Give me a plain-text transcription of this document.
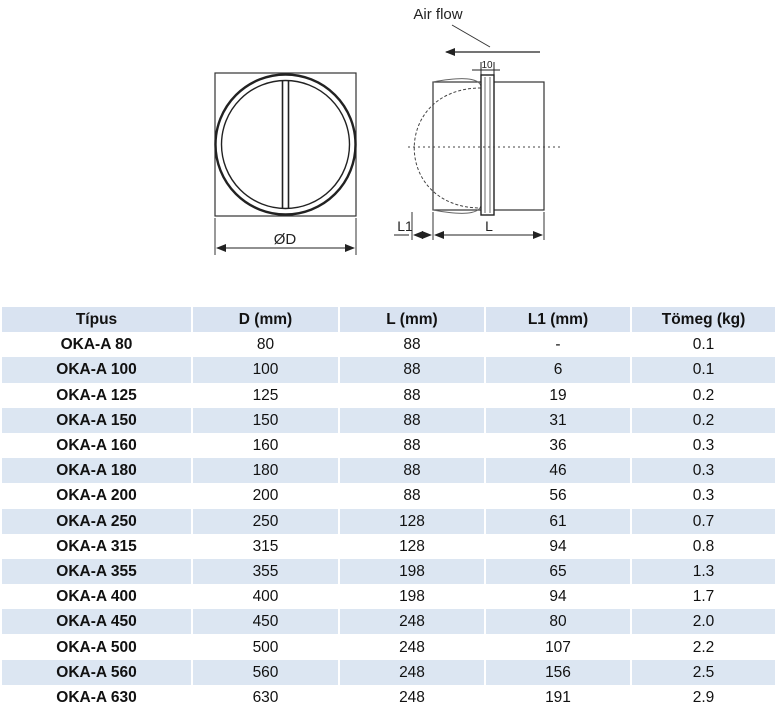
ØD
Air flow
10
L1	L
Típus	D (mm)	L (mm)	L1 (mm)	Tömeg (kg)
OKA-A 80	80	88	-	0.1
OKA-A 100	100	88	6	0.1
OKA-A 125	125	88	19	0.2
OKA-A 150	150	88	31	0.2
OKA-A 160	160	88	36	0.3
OKA-A 180	180	88	46	0.3
OKA-A 200	200	88	56	0.3
OKA-A 250	250	128	61	0.7
OKA-A 315	315	128	94	0.8
OKA-A 355	355	198	65	1.3
OKA-A 400	400	198	94	1.7
OKA-A 450	450	248	80	2.0
OKA-A 500	500	248	107	2.2
OKA-A 560	560	248	156	2.5
OKA-A 630	630	248	191	2.9
